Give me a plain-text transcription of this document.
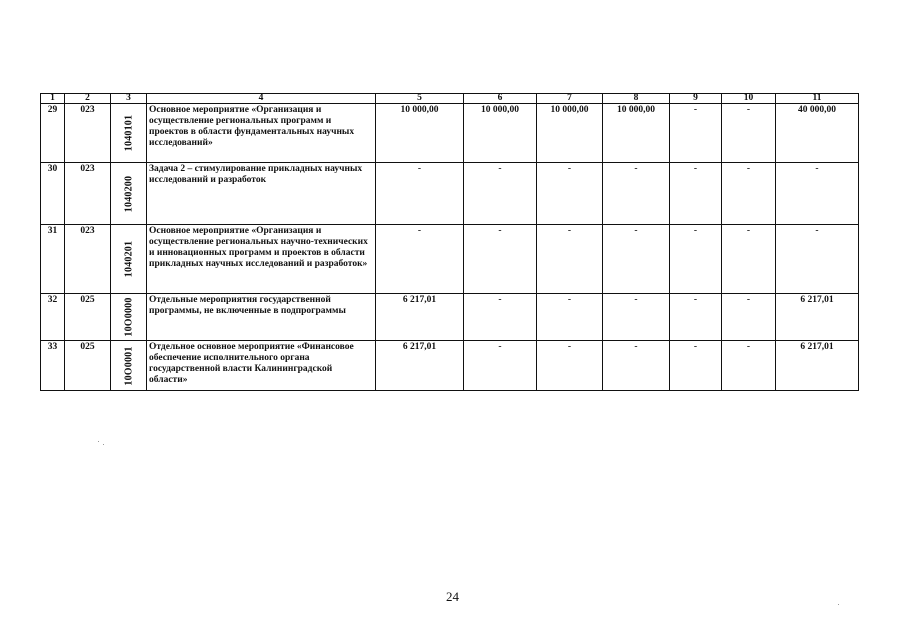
1	2	3	4	5	6	7	8	9	10	11
29	023	1040101	Основное мероприятие «Организация и осуществление региональных программ и проектов в области фундаментальных научных исследований»	10 000,00	10 000,00	10 000,00	10 000,00	-	-	40 000,00
30	023	1040200	Задача 2 – стимулирование прикладных научных исследований и разработок	-	-	-	-	-	-	-
31	023	1040201	Основное мероприятие «Организация и осуществление региональных научно-технических и инновационных программ и проектов в области прикладных научных исследований и разработок»	-	-	-	-	-	-	-
32	025	10О0000	Отдельные мероприятия государственной программы, не включенные в подпрограммы	6 217,01	-	-	-	-	-	6 217,01
33	025	10О0001	Отдельное основное мероприятие «Финансовое обеспечение исполнительного органа государственной власти Калининградской области»	6 217,01	-	-	-	-	-	6 217,01
24
